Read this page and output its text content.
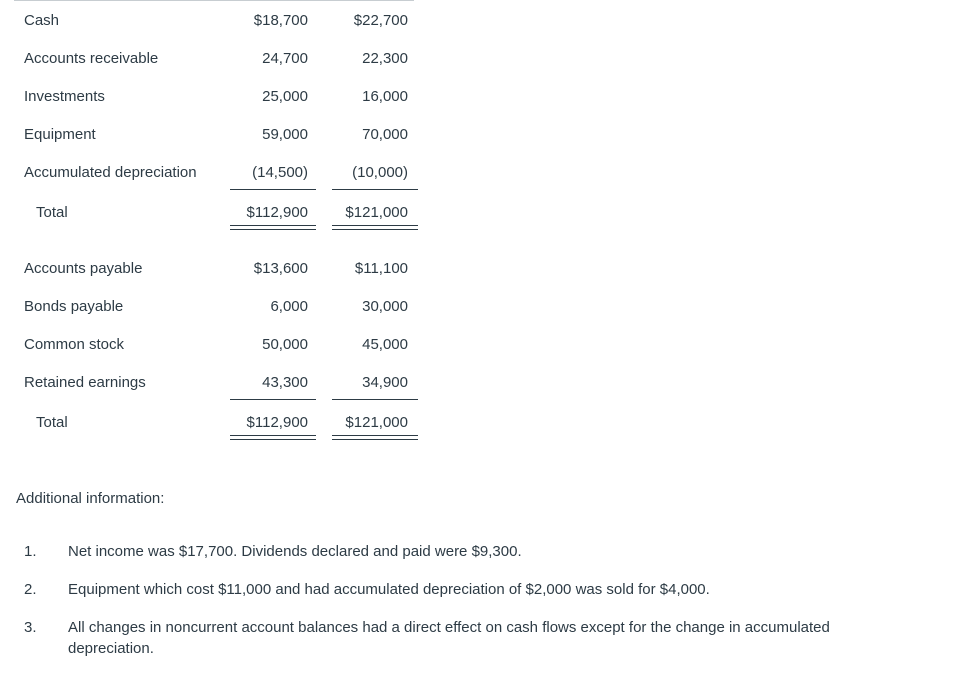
Cash	$18,700	$22,700
Accounts receivable	24,700	22,300
Investments	25,000	16,000
Equipment	59,000	70,000
Accumulated depreciation	(14,500)	(10,000)
Total	$112,900 $121,000
Accounts payable	$13,600	$11,100
Bonds payable	6,000	30,000
Common stock	50,000	45,000
Retained earnings	43,300	34,900
Total	$112,900 $121,000
Additional information:
1. Net income was $17,700. Dividends declared and paid were $9,300.
2. Equipment which cost $11,000 and had accumulated depreciation of $2,000 was sold for $4,000.
3. All changes in noncurrent account balances had a direct effect on cash flows except for the change in accumulated depreciation.
